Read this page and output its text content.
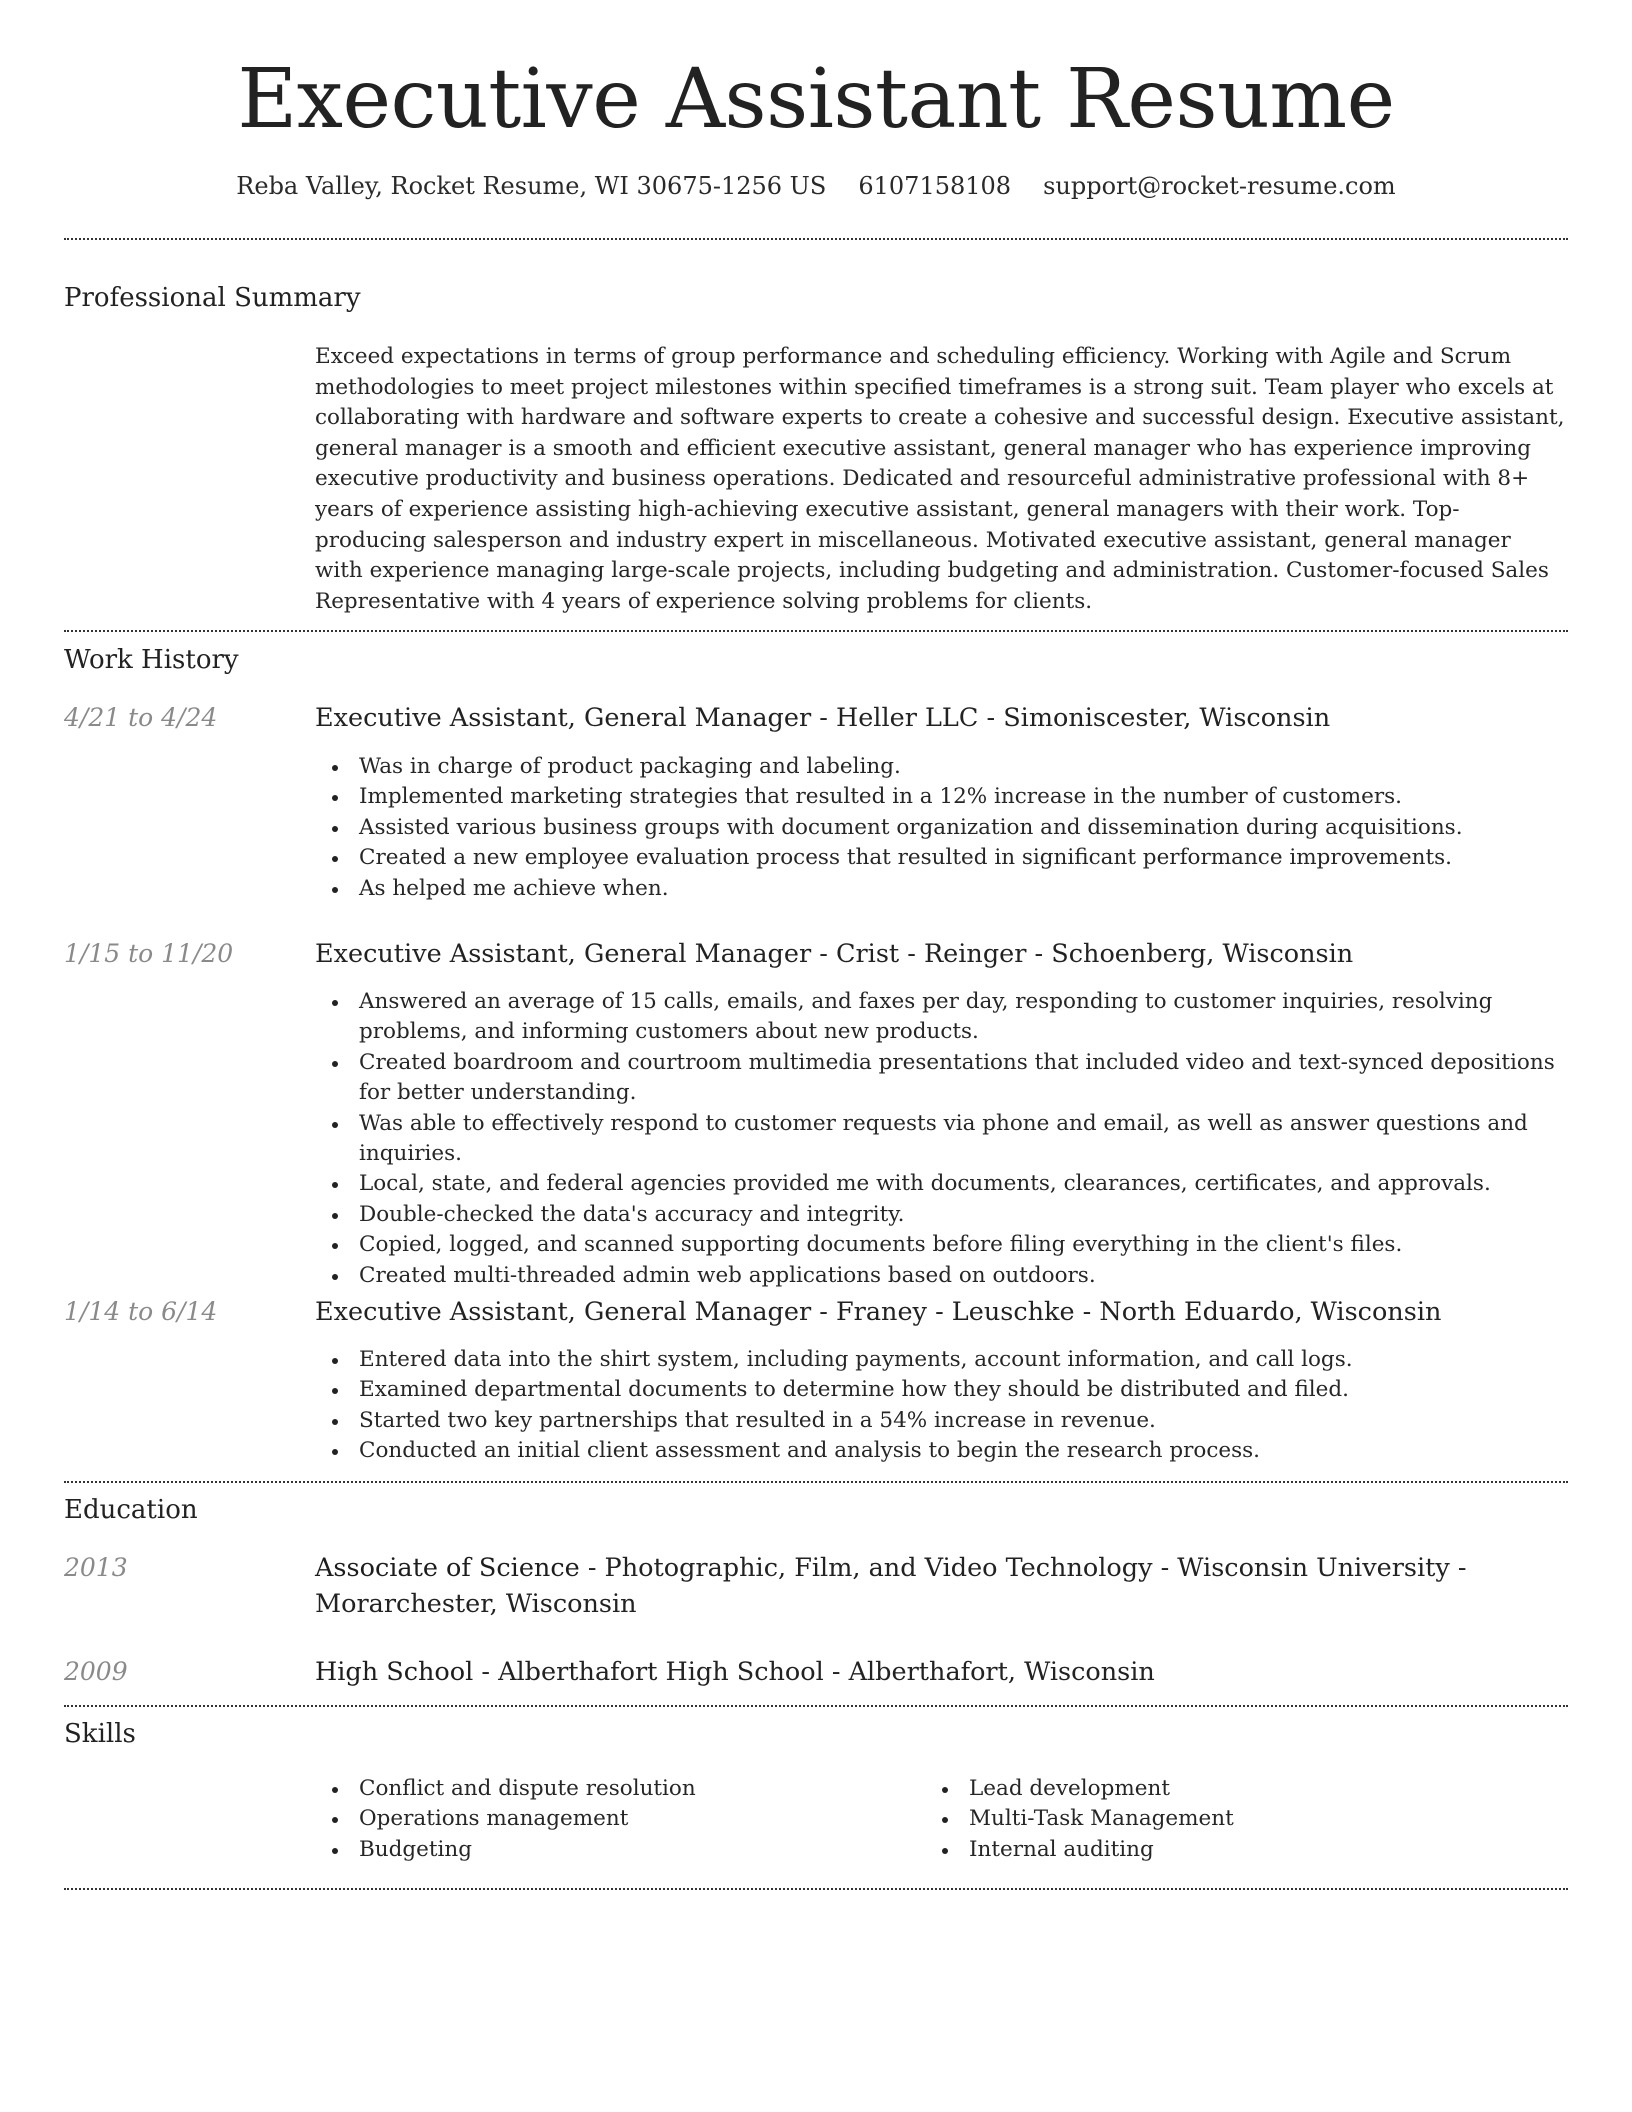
Executive Assistant Resume
Reba Valley, Rocket Resume, WI 30675-1256 US 6107158108 support@rocket-resume.com
Professional Summary

Exceed expectations in terms of group performance and scheduling efficiency. Working with Agile and Scrum methodologies to meet project milestones within specified timeframes is a strong suit. Team player who excels at collaborating with hardware and software experts to create a cohesive and successful design. Executive assistant, general manager is a smooth and efficient executive assistant, general manager who has experience improving executive productivity and business operations. Dedicated and resourceful administrative professional with 8+ years of experience assisting high-achieving executive assistant, general managers with their work. Top-producing salesperson and industry expert in miscellaneous. Motivated executive assistant, general manager with experience managing large-scale projects, including budgeting and administration. Customer-focused Sales Representative with 4 years of experience solving problems for clients.

Work History
4/21 to 4/24	Executive Assistant, General Manager - Heller LLC - Simoniscester, Wisconsin
Was in charge of product packaging and labeling.
Implemented marketing strategies that resulted in a 12% increase in the number of customers.
Assisted various business groups with document organization and dissemination during acquisitions.
Created a new employee evaluation process that resulted in significant performance improvements.
As helped me achieve when.
1/15 to 11/20	Executive Assistant, General Manager - Crist - Reinger - Schoenberg, Wisconsin
Answered an average of 15 calls, emails, and faxes per day, responding to customer inquiries, resolving problems, and informing customers about new products.
Created boardroom and courtroom multimedia presentations that included video and text-synced depositions for better understanding.
Was able to effectively respond to customer requests via phone and email, as well as answer questions and inquiries.
Local, state, and federal agencies provided me with documents, clearances, certificates, and approvals.
Double-checked the data's accuracy and integrity.
Copied, logged, and scanned supporting documents before filing everything in the client's files.
Created multi-threaded admin web applications based on outdoors.
1/14 to 6/14	Executive Assistant, General Manager - Franey - Leuschke - North Eduardo, Wisconsin
Entered data into the shirt system, including payments, account information, and call logs.
Examined departmental documents to determine how they should be distributed and filed.
Started two key partnerships that resulted in a 54% increase in revenue.
Conducted an initial client assessment and analysis to begin the research process.
Education
2013	Associate of Science - Photographic, Film, and Video Technology - Wisconsin University - Morarchester, Wisconsin
2009	High School - Alberthafort High School - Alberthafort, Wisconsin
Skills
Conflict and dispute resolution
Operations management
Budgeting
Lead development
Multi-Task Management
Internal auditing
